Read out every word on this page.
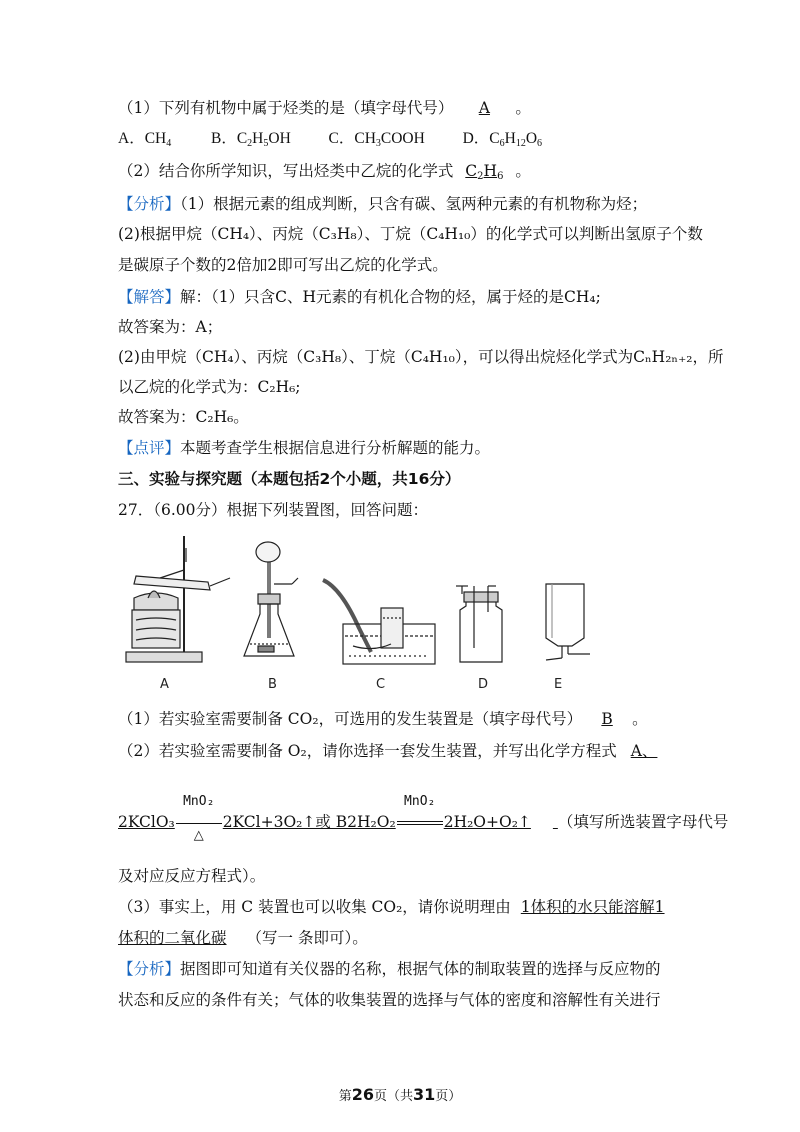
（1）下列有机物中属于烃类的是（填字母代号） A 。
A．$CH_4$	B．$C_2H_5OH$ C．$CH_3COOH$ D．$C_6H_{12}O_6$
（2）结合你所学知识，写出烃类中乙烷的化学式 $C_2H_6$ 。
【分析】（1）根据元素的组成判断，只含有碳、氢两种元素的有机物称为烃；
(2)根据甲烷（CH₄）、丙烷（C₃H₈）、丁烷（C₄H₁₀）的化学式可以判断出氢原子个数
是碳原子个数的2倍加2即可写出乙烷的化学式。
【解答】解：（1）只含C、H元素的有机化合物的烃，属于烃的是CH₄;
故答案为：A；
(2)由甲烷（CH₄）、丙烷（C₃H₈）、丁烷（C₄H₁₀），可以得出烷烃化学式为CₙH₂ₙ₊₂，所
以乙烷的化学式为：C₂H₆;
故答案为：C₂H₆。
【点评】本题考查学生根据信息进行分析解题的能力。
三、实验与探究题（本题包括2个小题，共16分）
27．（6.00分）根据下列装置图，回答问题：
A	B	C	D	E
（1）若实验室需要制备 CO₂，可选用的发生装置是（填字母代号） B 。
（2）若实验室需要制备 O₂，请你选择一套发生装置，并写出化学方程式 A、
2KClO₃
MnO₂
△
2KCl+3O₂↑或 B2H₂O₂
MnO₂
2H₂O+O₂↑ （填写所选装置字母代号
及对应反应方程式）。
（3）事实上，用 C 装置也可以收集 CO₂，请你说明理由 1体积的水只能溶解1
体积的二氧化碳 （写一 条即可）。
【分析】据图即可知道有关仪器的名称，根据气体的制取装置的选择与反应物的
状态和反应的条件有关；气体的收集装置的选择与气体的密度和溶解性有关进行
第26页（共31页）
